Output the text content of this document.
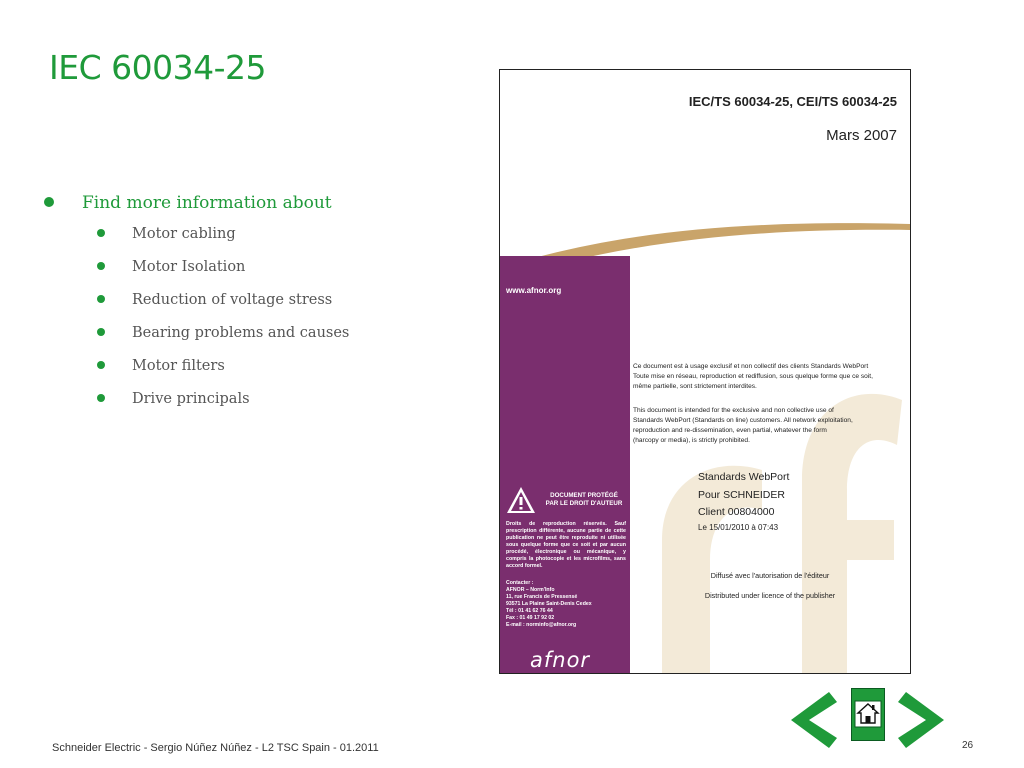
IEC 60034-25
Find more information about
Motor cabling
Motor Isolation
Reduction of voltage stress
Bearing problems and causes
Motor filters
Drive principals
IEC/TS 60034-25, CEI/TS 60034-25
Mars 2007
www.afnor.org
Ce document est à usage exclusif et non collectif des clients Standards WebPort
Toute mise en réseau, reproduction et rediffusion, sous quelque forme que ce soit,
même partielle, sont strictement interdites.
This document is intended for the exclusive and non collective use of
Standards WebPort (Standards on line) customers. All network exploitation,
reproduction and re-dissemination, even partial, whatever the form
(harcopy or media), is strictly prohibited.
Standards WebPort
Pour SCHNEIDER
Client 00804000
Le 15/01/2010 à 07:43
Diffusé avec l'autorisation de l'éditeur
Distributed under licence of the publisher
DOCUMENT PROTÉGÉ
PAR LE DROIT D'AUTEUR
Droits de reproduction réservés. Sauf prescription différente, aucune partie de cette publication ne peut être reproduite ni utilisée sous quelque forme que ce soit et par aucun procédé, électronique ou mécanique, y compris la photocopie et les microfilms, sans accord formel.
Contacter :
AFNOR – Norm'Info
11, rue Francis de Pressensé
93571 La Plaine Saint-Denis Cedex
Tél : 01 41 62 76 44
Fax : 01 49 17 92 02
E-mail : norminfo@afnor.org
afnor
Schneider Electric - Sergio Núñez Núñez - L2 TSC Spain - 01.2011	26
